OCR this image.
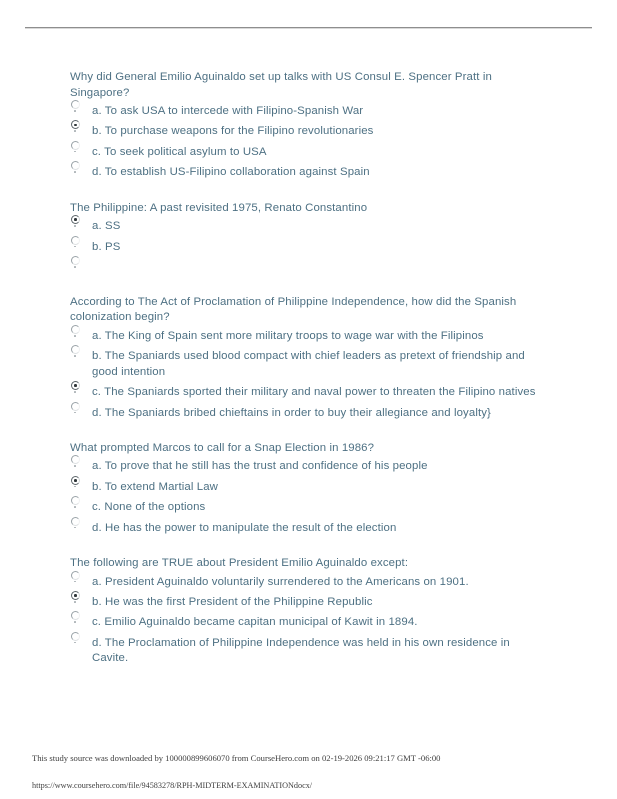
Why did General Emilio Aguinaldo set up talks with US Consul E. Spencer Pratt in Singapore?

a. To ask USA to intercede with Filipino-Spanish War
b. To purchase weapons for the Filipino revolutionaries
c. To seek political asylum to USA
d. To establish US-Filipino collaboration against Spain

The Philippine: A past revisited 1975, Renato Constantino

a. SS
b. PS

According to The Act of Proclamation of Philippine Independence, how did the Spanish colonization begin?

a. The King of Spain sent more military troops to wage war with the Filipinos
b. The Spaniards used blood compact with chief leaders as pretext of friendship and good intention
c. The Spaniards sported their military and naval power to threaten the Filipino natives
d. The Spaniards bribed chieftains in order to buy their allegiance and loyalty}

What prompted Marcos to call for a Snap Election in 1986?

a. To prove that he still has the trust and confidence of his people
b. To extend Martial Law
c. None of the options
d. He has the power to manipulate the result of the election

The following are TRUE about President Emilio Aguinaldo except:

a. President Aguinaldo voluntarily surrendered to the Americans on 1901.
b. He was the first President of the Philippine Republic
c. Emilio Aguinaldo became capitan municipal of Kawit in 1894.
d. The Proclamation of Philippine Independence was held in his own residence in Cavite.
This study source was downloaded by 100000899606070 from CourseHero.com on 02-19-2026 09:21:17 GMT -06:00
https://www.coursehero.com/file/94583278/RPH-MIDTERM-EXAMINATIONdocx/
